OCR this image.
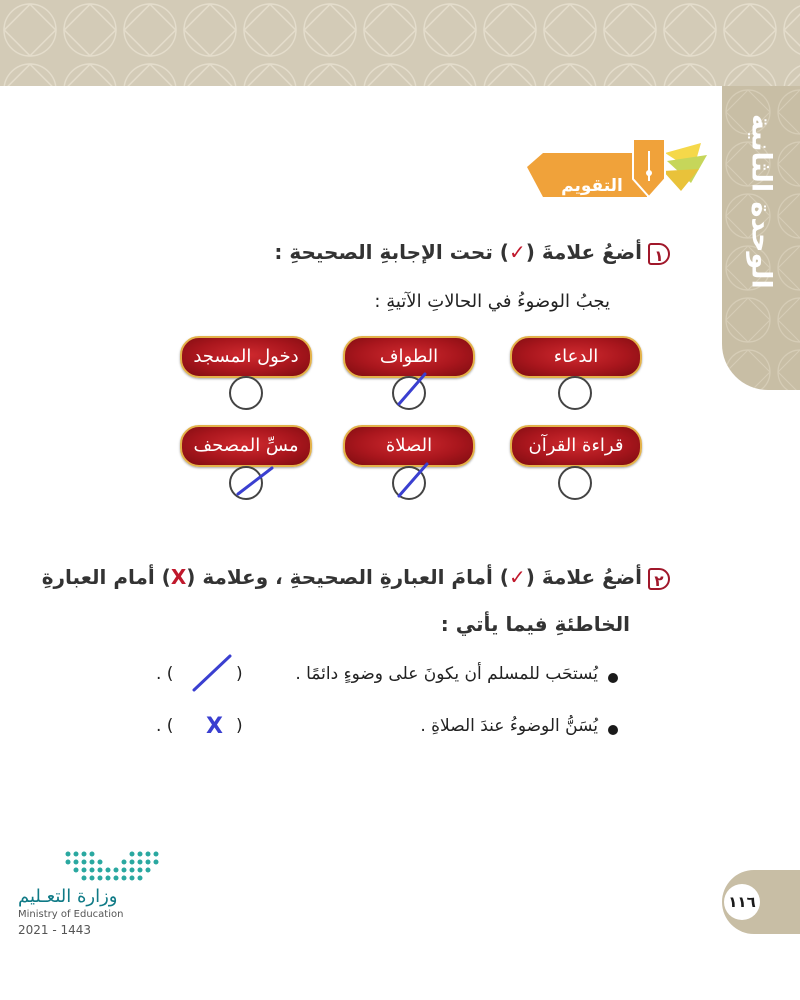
الوحدة الثانية
التقويم
١أضعُ علامةَ (✓) تحت الإجابةِ الصحيحةِ :
يجبُ الوضوءُ في الحالاتِ الآتيةِ :
الدعاء
الطواف
دخول المسجد
قراءة القرآن
الصلاة
مسِّ المصحف
٢أضعُ علامةَ (✓) أمامَ العبارةِ الصحيحةِ ، وعلامة (X) أمام العبارةِ
الخاطئةِ فيما يأتي :
يُستحَب للمسلم أن يكونَ على وضوءٍ دائمًا .
(
) .
يُسَنُّ الوضوءُ عندَ الصلاةِ .
(
) . X
١١٦
وزارة التعـليم
Ministry of Education
2021 - 1443
